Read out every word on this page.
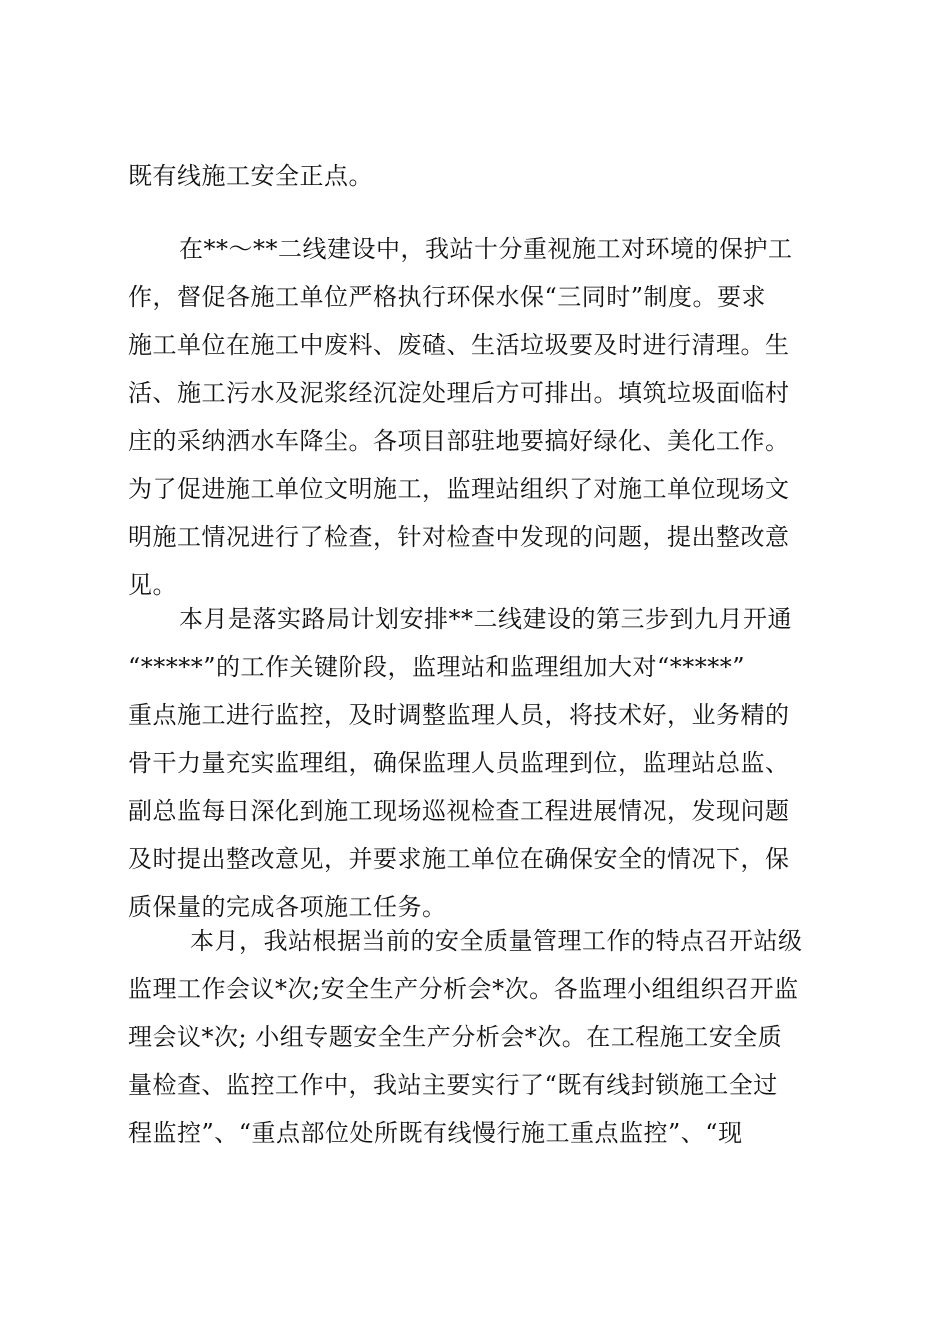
既有线施工安全正点。
在**～**二线建设中，我站十分重视施工对环境的保护工
作，督促各施工单位严格执行环保水保“三同时”制度。要求
施工单位在施工中废料、废碴、生活垃圾要及时进行清理。生
活、施工污水及泥浆经沉淀处理后方可排出。填筑垃圾面临村
庄的采纳洒水车降尘。各项目部驻地要搞好绿化、美化工作。
为了促进施工单位文明施工，监理站组织了对施工单位现场文
明施工情况进行了检查，针对检查中发现的问题，提出整改意
见。
本月是落实路局计划安排**二线建设的第三步到九月开通
“*****”的工作关键阶段，监理站和监理组加大对“*****”
重点施工进行监控，及时调整监理人员，将技术好，业务精的
骨干力量充实监理组，确保监理人员监理到位，监理站总监、
副总监每日深化到施工现场巡视检查工程进展情况，发现问题
及时提出整改意见，并要求施工单位在确保安全的情况下，保
质保量的完成各项施工任务。
本月，我站根据当前的安全质量管理工作的特点召开站级
监理工作会议*次;安全生产分析会*次。各监理小组组织召开监
理会议*次; 小组专题安全生产分析会*次。在工程施工安全质
量检查、监控工作中，我站主要实行了“既有线封锁施工全过
程监控”、“重点部位处所既有线慢行施工重点监控”、“现
